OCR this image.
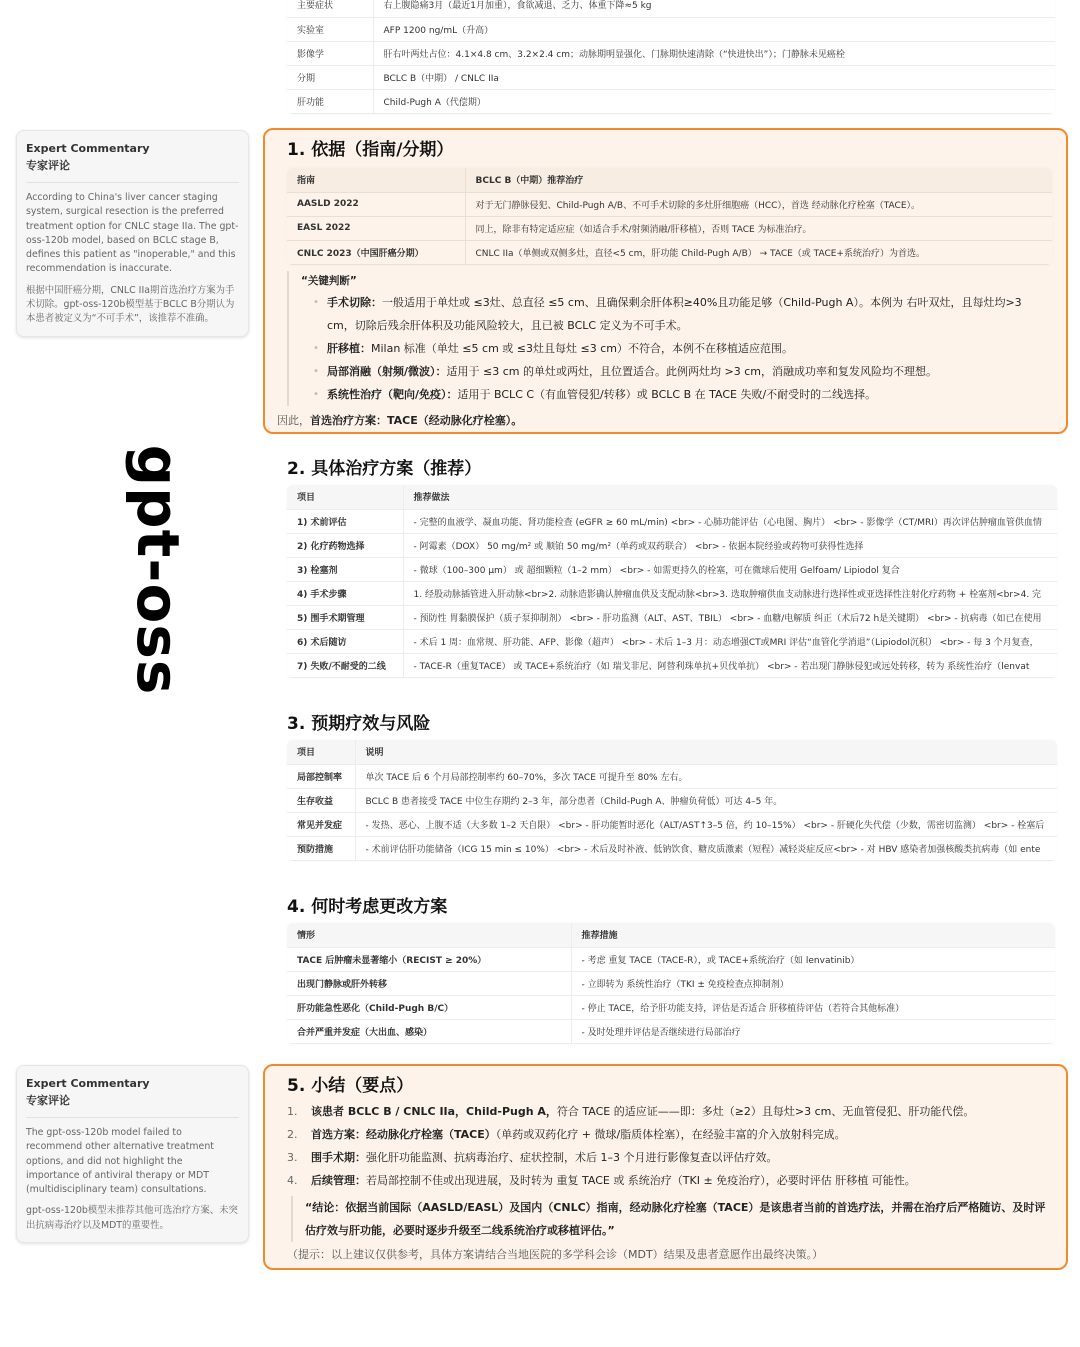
主要症状	右上腹隐痛3月（最近1月加重），食欲减退、乏力、体重下降≈5 kg
实验室	AFP 1200 ng/mL（升高）
影像学	肝右叶两灶占位：4.1×4.8 cm、3.2×2.4 cm；动脉期明显强化、门脉期快速清除（“快进快出”）；门静脉未见癌栓
分期	BCLC B（中期） / CNLC IIa
肝功能	Child-Pugh A（代偿期）
gpt-oss
Expert Commentary
专家评论
According to China's liver cancer staging system, surgical resection is the preferred treatment option for CNLC stage IIa. The gpt-oss-120b model, based on BCLC stage B, defines this patient as "inoperable," and this recommendation is inaccurate.
根据中国肝癌分期，CNLC IIa期首选治疗方案为手术切除。gpt-oss-120b模型基于BCLC B分期认为本患者被定义为“不可手术”，该推荐不准确。
1. 依据（指南/分期）
指南	BCLC B（中期）推荐治疗
AASLD 2022	对于无门静脉侵犯、Child-Pugh A/B、不可手术切除的多灶肝细胞癌（HCC），首选 经动脉化疗栓塞（TACE）。
EASL 2022	同上，除非有特定适应症（如适合手术/射频消融/肝移植），否则 TACE 为标准治疗。
CNLC 2023（中国肝癌分期）	CNLC IIa（单侧或双侧多灶，直径<5 cm，肝功能 Child-Pugh A/B） → TACE（或 TACE+系统治疗）为首选。
“关键判断”
• 手术切除：一般适用于单灶或 ≤3灶、总直径 ≤5 cm、且确保剩余肝体积≥40%且功能足够（Child-Pugh A）。本例为 右叶双灶，且每灶均>3 cm，切除后残余肝体积及功能风险较大，且已被 BCLC 定义为不可手术。
• 肝移植：Milan 标准（单灶 ≤5 cm 或 ≤3灶且每灶 ≤3 cm）不符合，本例不在移植适应范围。
• 局部消融（射频/微波）：适用于 ≤3 cm 的单灶或两灶，且位置适合。此例两灶均 >3 cm，消融成功率和复发风险均不理想。
• 系统性治疗（靶向/免疫）：适用于 BCLC C（有血管侵犯/转移）或 BCLC B 在 TACE 失败/不耐受时的二线选择。
因此，首选治疗方案：TACE（经动脉化疗栓塞）。
2. 具体治疗方案（推荐）
项目	推荐做法
1) 术前评估	- 完整的血液学、凝血功能、肾功能检查 (eGFR ≥ 60 mL/min) <br> - 心肺功能评估（心电图、胸片） <br> - 影像学（CT/MRI）再次评估肿瘤血管供血情
2) 化疗药物选择	- 阿霉素（DOX） 50 mg/m² 或 顺铂 50 mg/m²（单药或双药联合） <br> - 依据本院经验或药物可获得性选择
3) 栓塞剂	- 微球（100–300 μm） 或 超细颗粒（1–2 mm） <br> - 如需更持久的栓塞，可在微球后使用 Gelfoam/ Lipiodol 复合
4) 手术步骤	1. 经股动脉插管进入肝动脉<br>2. 动脉造影确认肿瘤血供及支配动脉<br>3. 选取肿瘤供血支动脉进行选择性或亚选择性注射化疗药物 + 栓塞剂<br>4. 完
5) 围手术期管理	- 预防性 胃黏膜保护（质子泵抑制剂） <br> - 肝功监测（ALT、AST、TBIL） <br> - 血糖/电解质 纠正（术后72 h是关键期） <br> - 抗病毒（如已在使用
6) 术后随访	- 术后 1 周：血常规、肝功能、AFP、影像（超声） <br> - 术后 1–3 月：动态增强CT或MRI 评估“血管化学消退”（Lipiodol沉积） <br> - 每 3 个月复查，
7) 失败/不耐受的二线	- TACE-R（重复TACE） 或 TACE+系统治疗（如 瑞戈非尼、阿替利珠单抗+贝伐单抗） <br> - 若出现门静脉侵犯或远处转移，转为 系统性治疗（lenvat
3. 预期疗效与风险
项目	说明
局部控制率	单次 TACE 后 6 个月局部控制率约 60–70%，多次 TACE 可提升至 80% 左右。
生存收益	BCLC B 患者接受 TACE 中位生存期约 2–3 年，部分患者（Child-Pugh A、肿瘤负荷低）可达 4–5 年。
常见并发症	- 发热、恶心、上腹不适（大多数 1–2 天自限） <br> - 肝功能暂时恶化（ALT/AST↑3–5 倍，约 10–15%） <br> - 肝硬化失代偿（少数，需密切监测） <br> - 栓塞后
预防措施	- 术前评估肝功能储备（ICG 15 min ≤ 10%） <br> - 术后及时补液、低钠饮食、糖皮质激素（短程）减轻炎症反应<br> - 对 HBV 感染者加强核酸类抗病毒（如 ente
4. 何时考虑更改方案
情形	推荐措施
TACE 后肿瘤未显著缩小（RECIST ≥ 20%）	- 考虑 重复 TACE（TACE-R），或 TACE+系统治疗（如 lenvatinib）
出现门静脉或肝外转移	- 立即转为 系统性治疗（TKI ± 免疫检查点抑制剂）
肝功能急性恶化（Child-Pugh B/C）	- 停止 TACE，给予肝功能支持，评估是否适合 肝移植待评估（若符合其他标准）
合并严重并发症（大出血、感染）	- 及时处理并评估是否继续进行局部治疗
Expert Commentary
专家评论
The gpt-oss-120b model failed to recommend other alternative treatment options, and did not highlight the importance of antiviral therapy or MDT (multidisciplinary team) consultations.
gpt-oss-120b模型未推荐其他可选治疗方案、未突出抗病毒治疗以及MDT的重要性。
5. 小结（要点）
1.	该患者 BCLC B / CNLC IIa，Child-Pugh A，符合 TACE 的适应证——即：多灶（≥2）且每灶>3 cm、无血管侵犯、肝功能代偿。
2.	首选方案：经动脉化疗栓塞（TACE）（单药或双药化疗 + 微球/脂质体栓塞），在经验丰富的介入放射科完成。
3.	围手术期：强化肝功能监测、抗病毒治疗、症状控制，术后 1–3 个月进行影像复查以评估疗效。
4.	后续管理：若局部控制不佳或出现进展，及时转为 重复 TACE 或 系统治疗（TKI ± 免疫治疗），必要时评估 肝移植 可能性。
“结论：依据当前国际（AASLD/EASL）及国内（CNLC）指南，经动脉化疗栓塞（TACE）是该患者当前的首选疗法，并需在治疗后严格随访、及时评估疗效与肝功能，必要时逐步升级至二线系统治疗或移植评估。”
（提示：以上建议仅供参考，具体方案请结合当地医院的多学科会诊（MDT）结果及患者意愿作出最终决策。）
